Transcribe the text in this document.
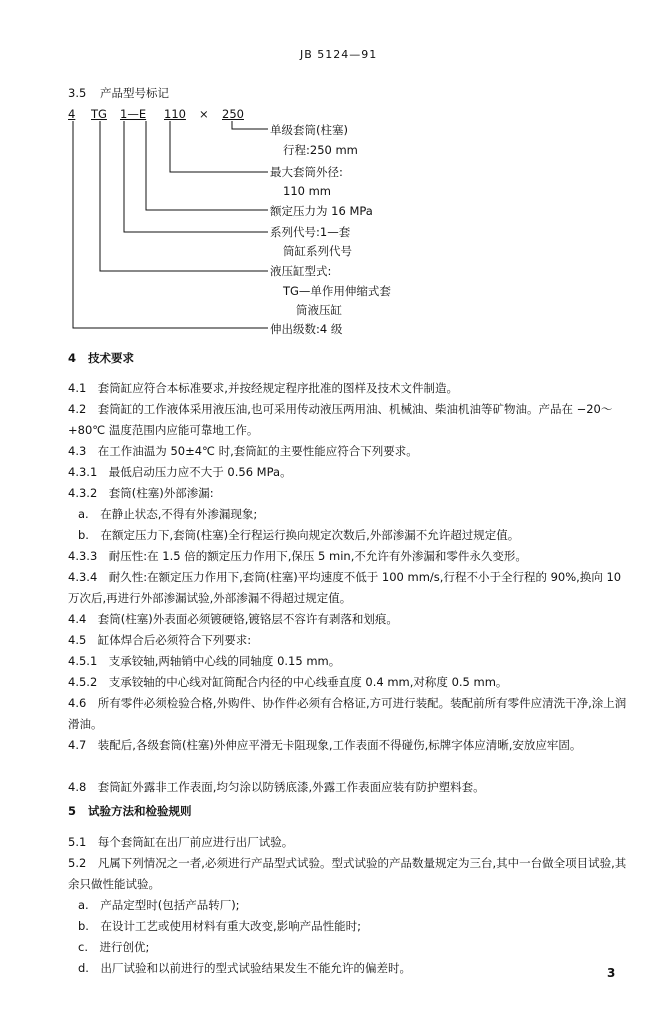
JB 5124—91
3.5 产品型号标记
4 TG 1—E 110 × 250
单级套筒(柱塞)
行程:250 mm
最大套筒外径:
110 mm
额定压力为 16 MPa
系列代号:1—套
筒缸系列代号
液压缸型式:
TG—单作用伸缩式套
筒液压缸
伸出级数:4 级
4 技术要求
4.1　套筒缸应符合本标准要求,并按经规定程序批准的图样及技术文件制造。
4.2　套筒缸的工作液体采用液压油,也可采用传动液压两用油、机械油、柴油机油等矿物油。产品在 −20～+80℃ 温度范围内应能可靠地工作。
4.3　在工作油温为 50±4℃ 时,套筒缸的主要性能应符合下列要求。
4.3.1　最低启动压力应不大于 0.56 MPa。
4.3.2　套筒(柱塞)外部渗漏:
a.　在静止状态,不得有外渗漏现象;
b.　在额定压力下,套筒(柱塞)全行程运行换向规定次数后,外部渗漏不允许超过规定值。
4.3.3　耐压性:在 1.5 倍的额定压力作用下,保压 5 min,不允许有外渗漏和零件永久变形。
4.3.4　耐久性:在额定压力作用下,套筒(柱塞)平均速度不低于 100 mm/s,行程不小于全行程的 90%,换向 10 万次后,再进行外部渗漏试验,外部渗漏不得超过规定值。
4.4　套筒(柱塞)外表面必须镀硬铬,镀铬层不容许有剥落和划痕。
4.5　缸体焊合后必须符合下列要求:
4.5.1　支承铰轴,两轴销中心线的同轴度 0.15 mm。
4.5.2　支承铰轴的中心线对缸筒配合内径的中心线垂直度 0.4 mm,对称度 0.5 mm。
4.6　所有零件必须检验合格,外购件、协作件必须有合格证,方可进行装配。装配前所有零件应清洗干净,涂上润滑油。
4.7　装配后,各级套筒(柱塞)外伸应平滑无卡阻现象,工作表面不得碰伤,标牌字体应清晰,安放应牢固。
4.8　套筒缸外露非工作表面,均匀涂以防锈底漆,外露工作表面应装有防护塑料套。
5 试验方法和检验规则
5.1　每个套筒缸在出厂前应进行出厂试验。
5.2　凡属下列情况之一者,必须进行产品型式试验。型式试验的产品数量规定为三台,其中一台做全项目试验,其余只做性能试验。
a.　产品定型时(包括产品转厂);
b.　在设计工艺或使用材料有重大改变,影响产品性能时;
c.　进行创优;
d.　出厂试验和以前进行的型式试验结果发生不能允许的偏差时。	3
